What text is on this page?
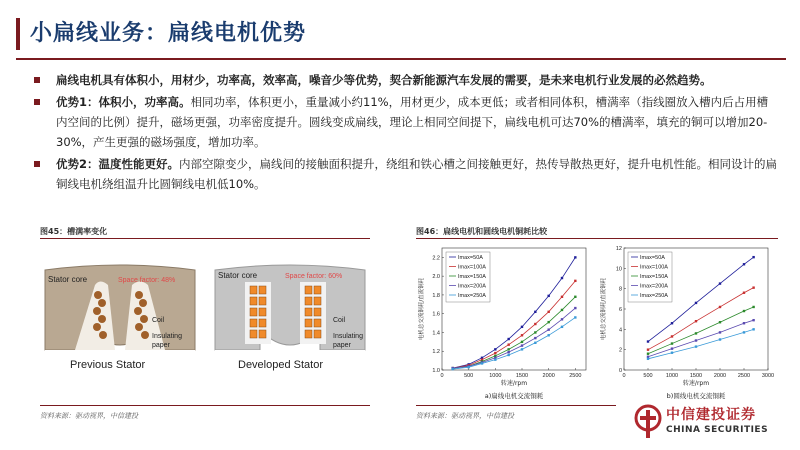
小扁线业务：扁线电机优势
扁线电机具有体积小，用材少，功率高，效率高，噪音少等优势，契合新能源汽车发展的需要，是未来电机行业发展的必然趋势。
优势1：体积小，功率高。相同功率，体积更小，重量减小约11%，用材更少，成本更低；或者相同体积，槽满率（指线圈放入槽内后占用槽内空间的比例）提升，磁场更强，功率密度提升。圆线变成扁线，理论上相同空间提下，扁线电机可达70%的槽满率，填充的铜可以增加20-30%，产生更强的磁场强度，增加功率。
优势2：温度性能更好。内部空隙变少，扁线间的接触面积提升，绕组和铁心槽之间接触更好，热传导散热更好，提升电机性能。相同设计的扁铜线电机绕组温升比圆铜线电机低10%。
图45：槽满率变化
Stator core	Space factor: 48%
Coil
Insulating
paper
Previous Stator
Stator core	Space factor: 60%
Coil
Insulating
paper
Developed Stator
资料来源：驱动视界，中信建投
图46：扁线电机和圆线电机铜耗比较
1.0
1.2
1.4
1.6
1.8
2.0
2.2
0	500	1000	1500	2000	2500
转速/rpm
电机总交流铜耗/直流铜耗
a)扁线电机交流铜耗
Imax=50A
Imax=100A
Imax=150A
Imax=200A
Imax=250A
0
2
4
6
8
10
12
0	500 1000 1500 2000 2500 3000
转速/rpm
电机总交流铜耗/直流铜耗
b)圆线电机交流铜耗
Imax=50A
Imax=100A
Imax=150A
Imax=200A
Imax=250A
资料来源：驱动视界，中信建投	中信建投证券
CHINA SECURITIES
